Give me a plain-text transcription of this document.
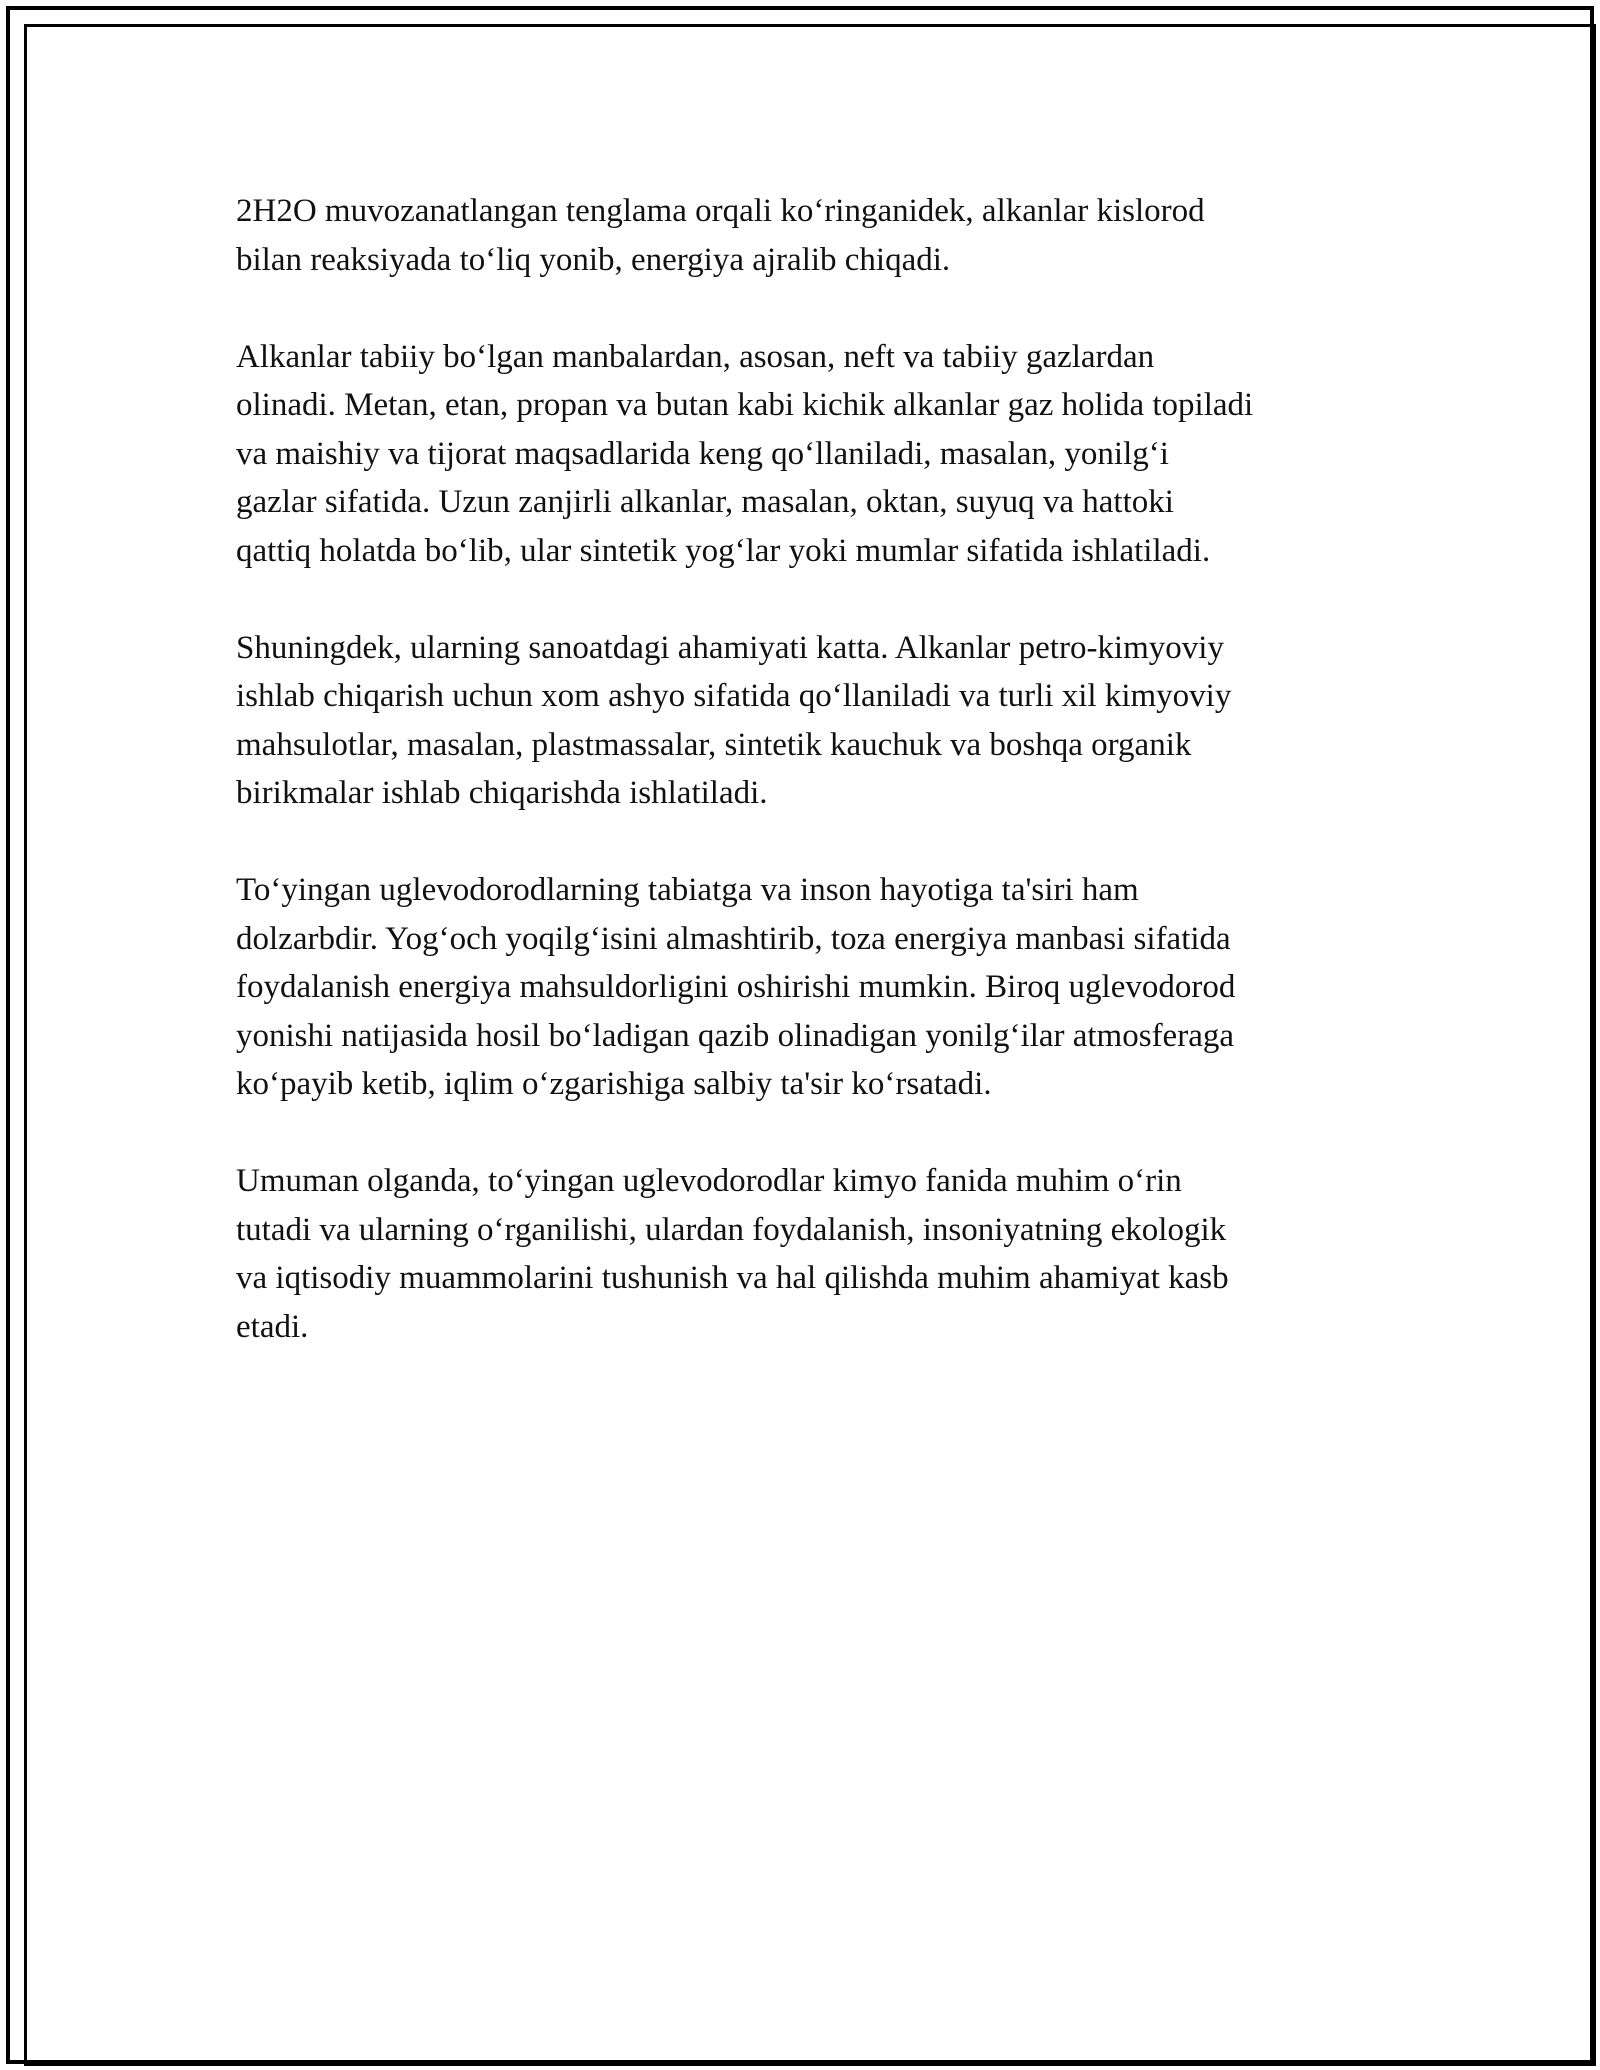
2H2O muvozanatlangan tenglama orqali koʻringanidek, alkanlar kislorod
bilan reaksiyada toʻliq yonib, energiya ajralib chiqadi.

Alkanlar tabiiy boʻlgan manbalardan, asosan, neft va tabiiy gazlardan
olinadi. Metan, etan, propan va butan kabi kichik alkanlar gaz holida topiladi
va maishiy va tijorat maqsadlarida keng qoʻllaniladi, masalan, yonilgʻi
gazlar sifatida. Uzun zanjirli alkanlar, masalan, oktan, suyuq va hattoki
qattiq holatda boʻlib, ular sintetik yogʻlar yoki mumlar sifatida ishlatiladi.

Shuningdek, ularning sanoatdagi ahamiyati katta. Alkanlar petro-kimyoviy
ishlab chiqarish uchun xom ashyo sifatida qoʻllaniladi va turli xil kimyoviy
mahsulotlar, masalan, plastmassalar, sintetik kauchuk va boshqa organik
birikmalar ishlab chiqarishda ishlatiladi.

Toʻyingan uglevodorodlarning tabiatga va inson hayotiga ta'siri ham
dolzarbdir. Yogʻoch yoqilgʻisini almashtirib, toza energiya manbasi sifatida
foydalanish energiya mahsuldorligini oshirishi mumkin. Biroq uglevodorod
yonishi natijasida hosil boʻladigan qazib olinadigan yonilgʻilar atmosferaga
koʻpayib ketib, iqlim oʻzgarishiga salbiy ta'sir koʻrsatadi.

Umuman olganda, toʻyingan uglevodorodlar kimyo fanida muhim oʻrin
tutadi va ularning oʻrganilishi, ulardan foydalanish, insoniyatning ekologik
va iqtisodiy muammolarini tushunish va hal qilishda muhim ahamiyat kasb
etadi.
